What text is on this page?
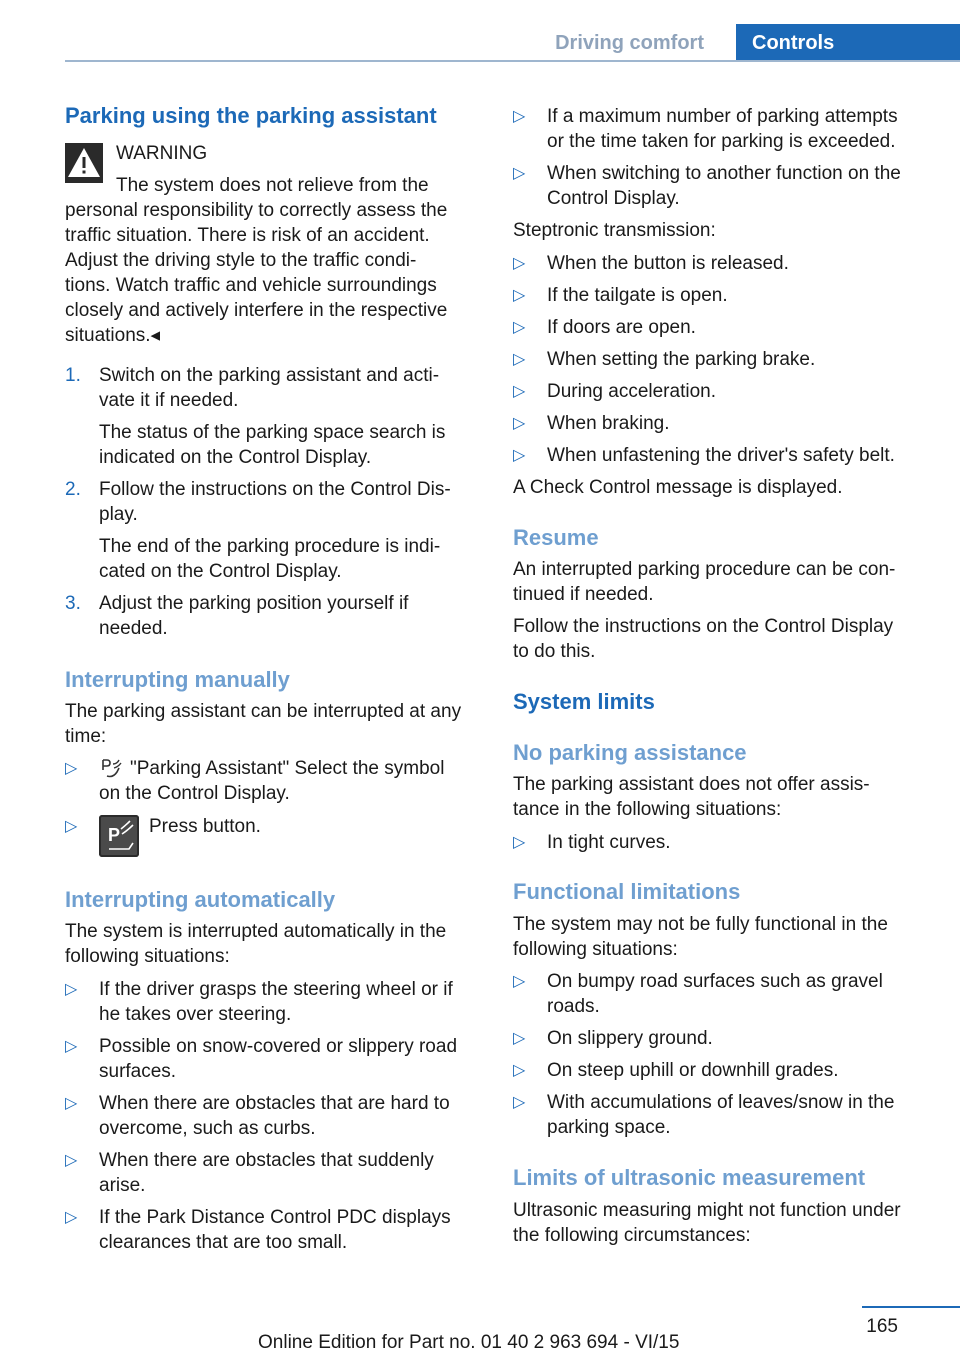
Driving comfort	Controls
Parking using the parking assistant
WARNING
The system does not relieve from the
personal responsibility to correctly assess the
traffic situation. There is risk of an accident.
Adjust the driving style to the traffic condi-
tions. Watch traffic and vehicle surroundings
closely and actively interfere in the respective
situations.◂
1. Switch on the parking assistant and acti-
vate it if needed.
The status of the parking space search is
indicated on the Control Display.
2. Follow the instructions on the Control Dis-
play.
The end of the parking procedure is indi-
cated on the Control Display.
3. Adjust the parking position yourself if
needed.
Interrupting manually
The parking assistant can be interrupted at any
time:
▷	"Parking Assistant" Select the symbol
on the Control Display.
▷ P Press button.
Interrupting automatically
The system is interrupted automatically in the
following situations:
▷ If the driver grasps the steering wheel or if
he takes over steering.
▷ Possible on snow-covered or slippery road
surfaces.
▷ When there are obstacles that are hard to
overcome, such as curbs.
▷ When there are obstacles that suddenly
arise.
▷ If the Park Distance Control PDC displays
clearances that are too small.
▷ If a maximum number of parking attempts
or the time taken for parking is exceeded.
▷ When switching to another function on the
Control Display.
Steptronic transmission:
▷ When the button is released.
▷ If the tailgate is open.
▷ If doors are open.
▷ When setting the parking brake.
▷ During acceleration.
▷ When braking.
▷ When unfastening the driver's safety belt.
A Check Control message is displayed.
Resume
An interrupted parking procedure can be con-
tinued if needed.
Follow the instructions on the Control Display
to do this.
System limits
No parking assistance
The parking assistant does not offer assis-
tance in the following situations:
▷ In tight curves.
Functional limitations
The system may not be fully functional in the
following situations:
▷ On bumpy road surfaces such as gravel
roads.
▷ On slippery ground.
▷ On steep uphill or downhill grades.
▷ With accumulations of leaves/snow in the
parking space.
Limits of ultrasonic measurement
Ultrasonic measuring might not function under
the following circumstances:
165
Online Edition for Part no. 01 40 2 963 694 - VI/15
